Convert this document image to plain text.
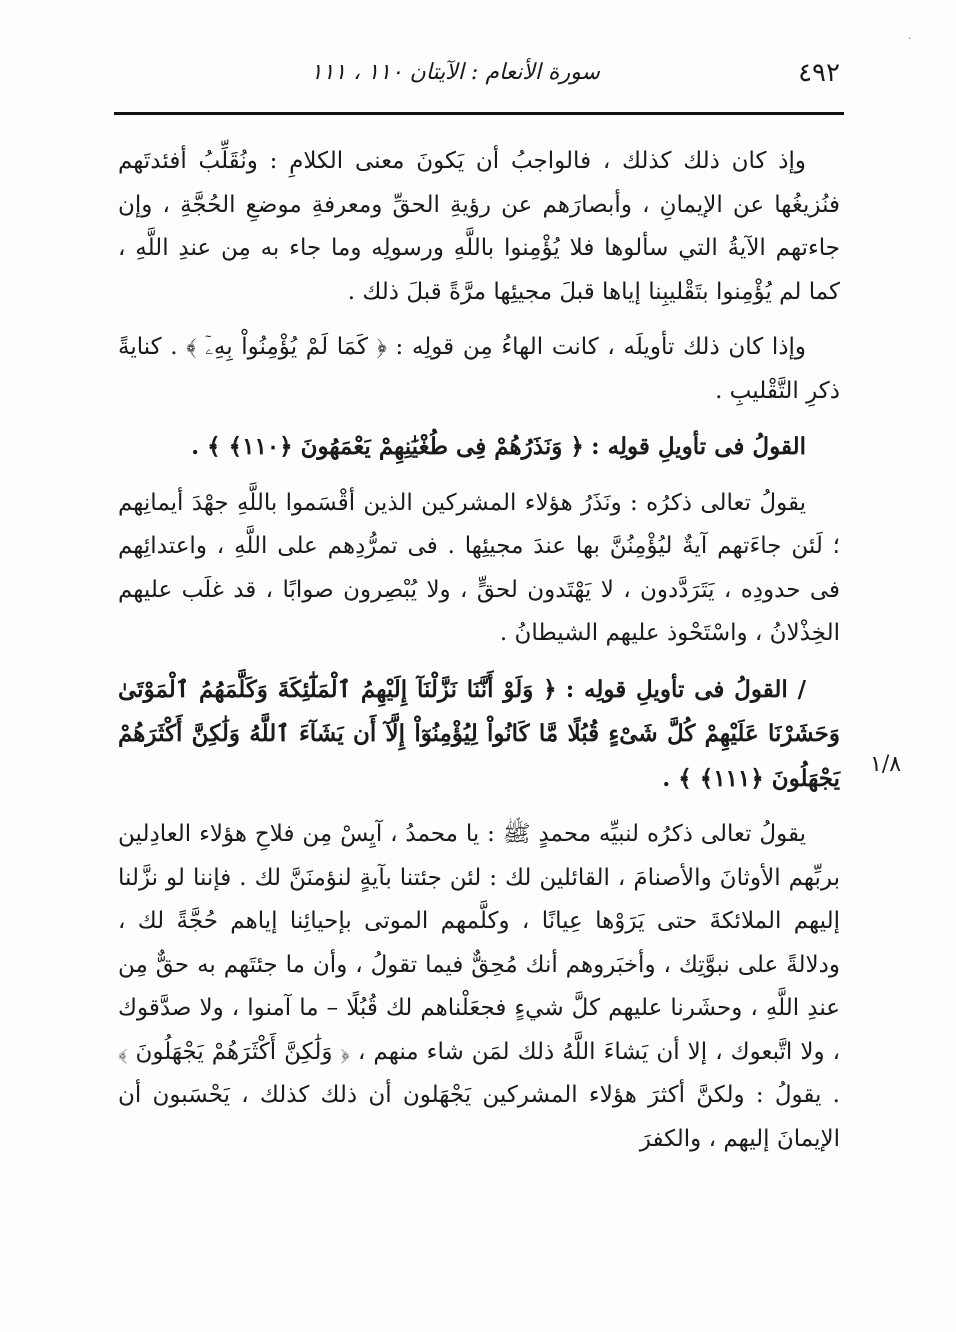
·
٤٩٢
سورة الأنعام : الآيتان ١١٠ ، ١١١
١/٨

وإذ كان ذلك كذلك ، فالواجبُ أن يَكونَ معنى الكلامِ : ونُقَلِّبُ أفئدتَهم فنُزيغُها عن الإيمانِ ، وأبصارَهم عن رؤيةِ الحقِّ ومعرفةِ موضعِ الحُجَّةِ ، وإن جاءتهم الآيةُ التي سألوها فلا يُؤْمِنوا باللَّهِ ورسولِه وما جاء به مِن عندِ اللَّهِ ، كما لم يُؤْمِنوا بتَقْليبِنا إياها قبلَ مجيئِها مرَّةً قبلَ ذلك .

وإذا كان ذلك تأويلَه ، كانت الهاءُ مِن قولِه : ﴿ كَمَا لَمْ يُؤْمِنُواْ بِهِۦٓ ﴾ . كنايةً ذكرِ التَّقْليبِ .

القولُ فى تأويلِ قولِه : ﴿ وَنَذَرُهُمْ فِى طُغْيَٰنِهِمْ يَعْمَهُونَ ﴿١١٠﴾ ﴾ .

يقولُ تعالى ذكرُه : ونَذَرُ هؤلاء المشركين الذين أقْسَموا باللَّهِ جهْدَ أيمانِهم ؛ لَئن جاءَتهم آيةٌ ليُؤْمِنُنَّ بها عندَ مجيئِها . فى تمرُّدِهم على اللَّهِ ، واعتدائِهم فى حدودِه ، يَتَرَدَّدون ، لا يَهْتَدون لحقٍّ ، ولا يُبْصِرون صوابًا ، قد غلَب عليهم الخِذْلانُ ، واسْتَحْوذ عليهم الشيطانُ .

/ القولُ فى تأويلِ قولِه : ﴿ وَلَوْ أَنَّنَا نَزَّلْنَآ إِلَيْهِمُ ٱلْمَلَٰٓئِكَةَ وَكَلَّمَهُمُ ٱلْمَوْتَىٰ وَحَشَرْنَا عَلَيْهِمْ كُلَّ شَىْءٍ قُبُلًا مَّا كَانُواْ لِيُؤْمِنُوٓاْ إِلَّآ أَن يَشَآءَ ٱللَّهُ وَلَٰكِنَّ أَكْثَرَهُمْ يَجْهَلُونَ ﴿١١١﴾ ﴾ .

يقولُ تعالى ذكرُه لنبيِّه محمدٍ ﷺ : يا محمدُ ، آيِسْ مِن فلاحِ هؤلاء العادِلين بربِّهم الأوثانَ والأصنامَ ، القائلين لك : لئن جئتنا بآيةٍ لنؤمنَنَّ لك . فإننا لو نزَّلنا إليهم الملائكةَ حتى يَرَوْها عِيانًا ، وكلَّمهم الموتى بإحيائِنا إياهم حُجَّةً لك ، ودلالةً على نبوَّتِك ، وأخبَروهم أنك مُحِقٌّ فيما تقولُ ، وأن ما جئتَهم به حقٌّ مِن عندِ اللَّهِ ، وحشَرنا عليهم كلَّ شيءٍ فجعَلْناهم لك قُبُلًا – ما آمنوا ، ولا صدَّقوك ، ولا اتَّبعوك ، إلا أن يَشاءَ اللَّهُ ذلك لمَن شاء منهم ، ﴿ وَلَٰكِنَّ أَكْثَرَهُمْ يَجْهَلُونَ ﴾ . يقولُ : ولكنَّ أكثرَ هؤلاء المشركين يَجْهَلون أن ذلك كذلك ، يَحْسَبون أن الإيمانَ إليهم ، والكفرَ
